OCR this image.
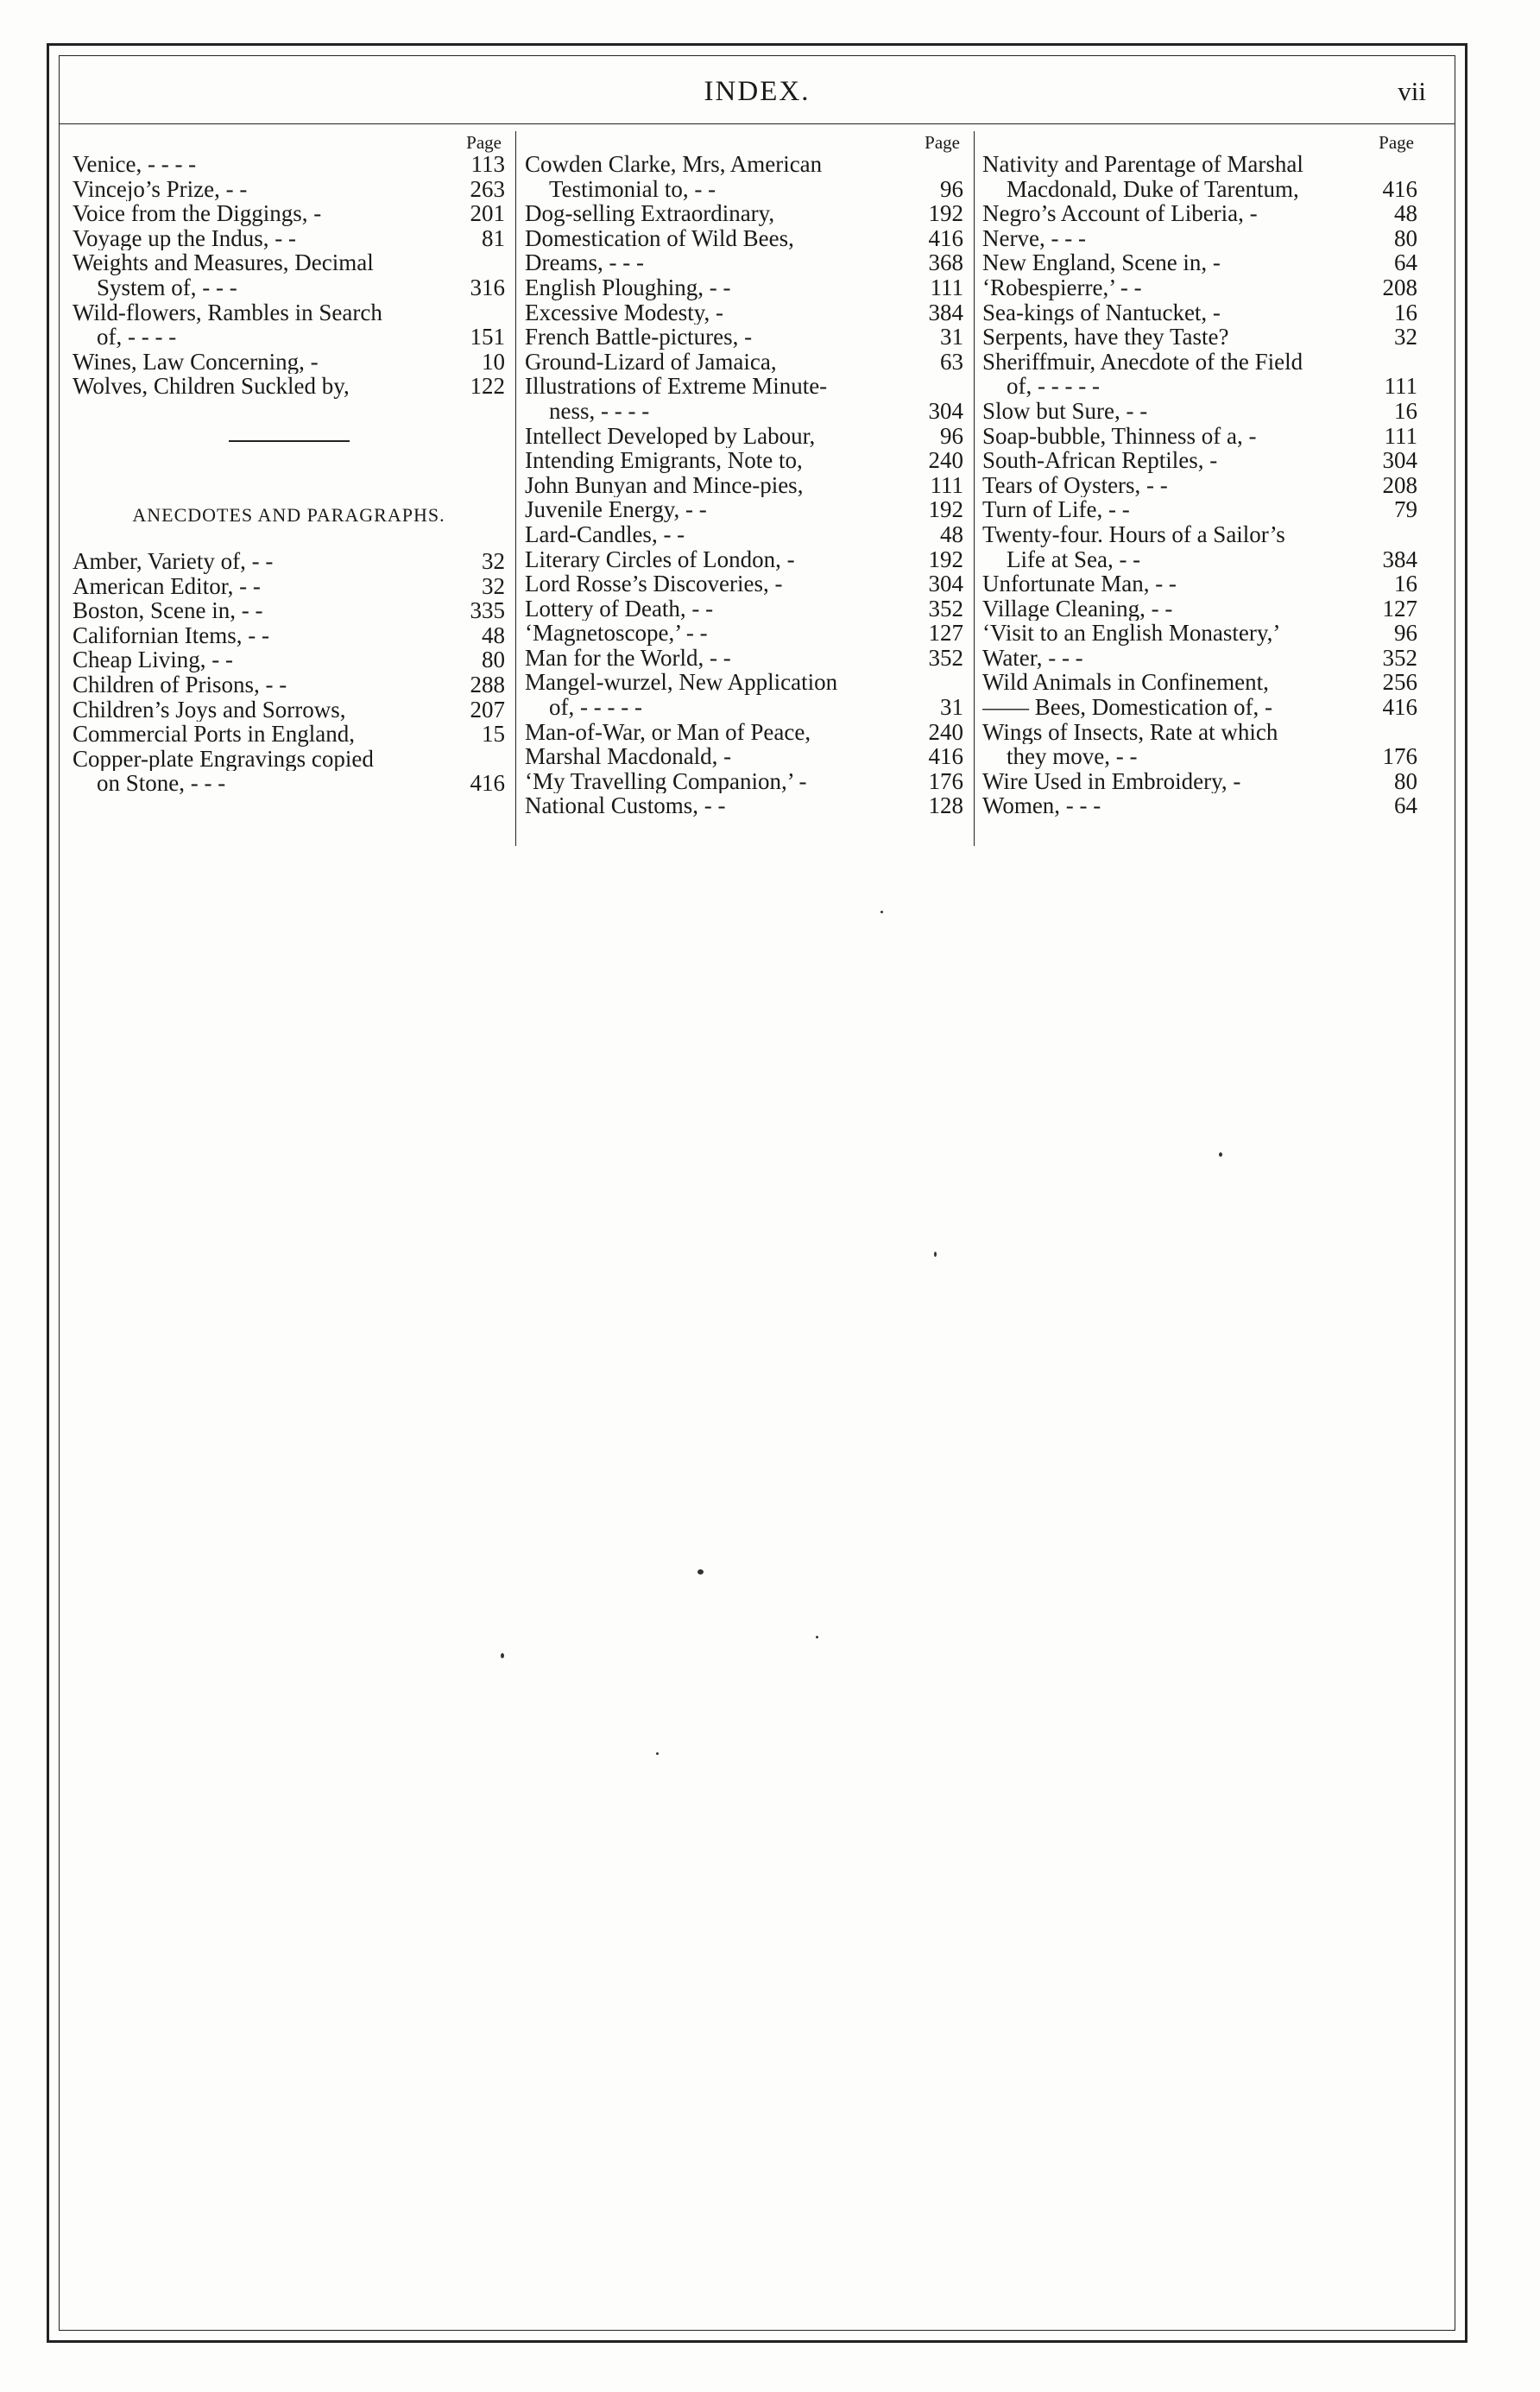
INDEX.	vii
Page
Venice, - - - -	113
Vincejo’s Prize, - -	263
Voice from the Diggings, -	201
Voyage up the Indus, - -	81
Weights and Measures, Decimal
System of, - - -	316
Wild-flowers, Rambles in Search
of, - - - -	151
Wines, Law Concerning, -	10
Wolves, Children Suckled by,	122
ANECDOTES AND PARAGRAPHS.
Amber, Variety of, - -	32
American Editor, - -	32
Boston, Scene in, - -	335
Californian Items, - -	48
Cheap Living, - -	80
Children of Prisons, - -	288
Children’s Joys and Sorrows,	207
Commercial Ports in England,	15
Copper-plate Engravings copied
on Stone, - - -	416
Page
Cowden Clarke, Mrs, American
Testimonial to, - -	96
Dog-selling Extraordinary,	192
Domestication of Wild Bees,	416
Dreams, - - -	368
English Ploughing, - -	111
Excessive Modesty, -	384
French Battle-pictures, -	31
Ground-Lizard of Jamaica,	63
Illustrations of Extreme Minute-
ness, - - - -	304
Intellect Developed by Labour,	96
Intending Emigrants, Note to,	240
John Bunyan and Mince-pies,	111
Juvenile Energy, - -	192
Lard-Candles, - -	48
Literary Circles of London, -	192
Lord Rosse’s Discoveries, -	304
Lottery of Death, - -	352
‘Magnetoscope,’ - -	127
Man for the World, - -	352
Mangel-wurzel, New Application
of, - - - - -	31
Man-of-War, or Man of Peace,	240
Marshal Macdonald, -	416
‘My Travelling Companion,’ -	176
National Customs, - -	128
Page
Nativity and Parentage of Marshal
Macdonald, Duke of Tarentum,	416
Negro’s Account of Liberia, -	48
Nerve, - - -	80
New England, Scene in, -	64
‘Robespierre,’ - -	208
Sea-kings of Nantucket, -	16
Serpents, have they Taste?	32
Sheriffmuir, Anecdote of the Field
of, - - - - -	111
Slow but Sure, - -	16
Soap-bubble, Thinness of a, -	111
South-African Reptiles, -	304
Tears of Oysters, - -	208
Turn of Life, - -	79
Twenty-four. Hours of a Sailor’s
Life at Sea, - -	384
Unfortunate Man, - -	16
Village Cleaning, - -	127
‘Visit to an English Monastery,’	96
Water, - - -	352
Wild Animals in Confinement,	256
—— Bees, Domestication of, -	416
Wings of Insects, Rate at which
they move, - -	176
Wire Used in Embroidery, -	80
Women, - - -	64
